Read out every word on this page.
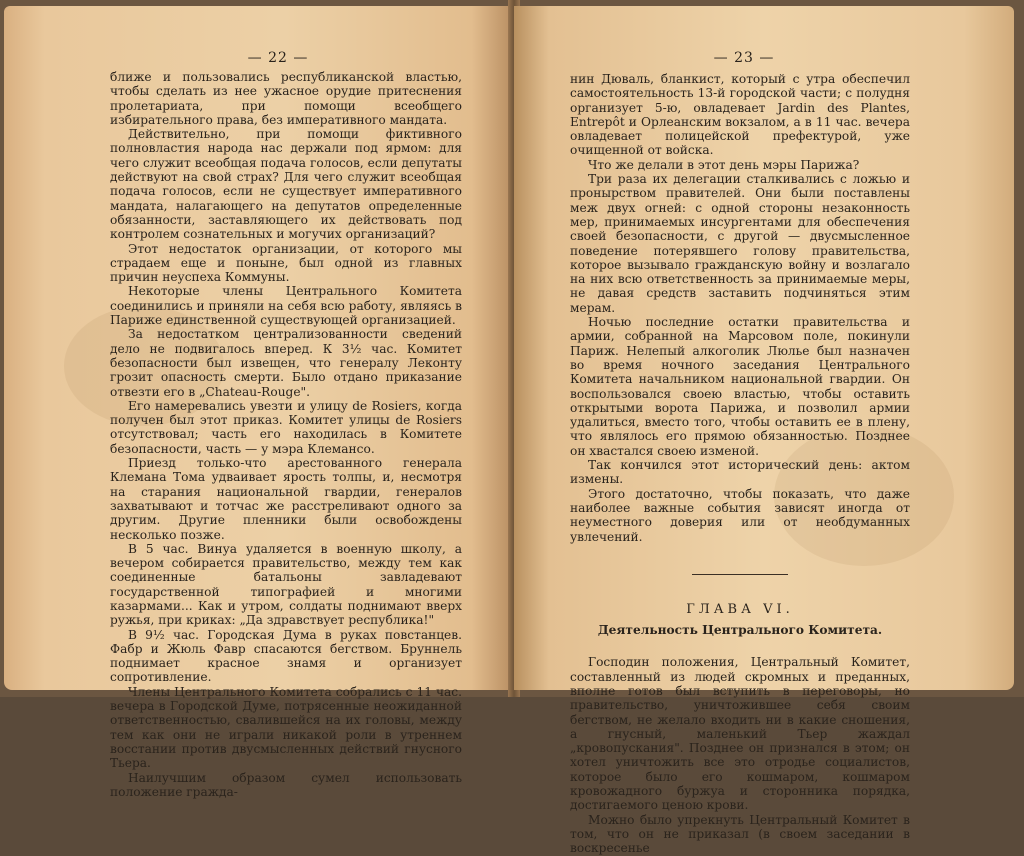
— 22 —

ближе и пользовались республиканской властью, чтобы сделать из нее ужасное орудие притеснения пролетариата, при помощи всеобщего избирательного права, без императивного мандата.

Действительно, при помощи фиктивного полновластия народа нас держали под ярмом: для чего служит всеобщая подача голосов, если депутаты действуют на свой страх? Для чего служит всеобщая подача голосов, если не существует императивного мандата, налагающего на депутатов определенные обязанности, заставляющего их действовать под контролем сознательных и могучих организаций?

Этот недостаток организации, от которого мы страдаем еще и поныне, был одной из главных причин неуспеха Коммуны.

Некоторые члены Центрального Комитета соединились и приняли на себя всю работу, являясь в Париже единственной существующей организацией.

За недостатком централизованности сведений дело не подвигалось вперед. К 3½ час. Комитет безопасности был извещен, что генералу Леконту грозит опасность смерти. Было отдано приказание отвезти его в „Chateau-Rouge".

Его намеревались увезти и улицу de Rosiers, когда получен был этот приказ. Комитет улицы de Rosiers отсутствовал; часть его находилась в Комитете безопасности, часть — у мэра Клемансо.

Приезд только-что арестованного генерала Клемана Тома удваивает ярость толпы, и, несмотря на старания национальной гвардии, генералов захватывают и тотчас же расстреливают одного за другим. Другие пленники были освобождены несколько позже.

В 5 час. Винуа удаляется в военную школу, а вечером собирается правительство, между тем как соединенные батальоны завладевают государственной типографией и многими казармами... Как и утром, солдаты поднимают вверх ружья, при криках: „Да здравствует республика!"

В 9½ час. Городская Дума в руках повстанцев. Фабр и Жюль Фавр спасаются бегством. Бруннель поднимает красное знамя и организует сопротивление.

Члены Центрального Комитета собрались с 11 час. вечера в Городской Думе, потрясенные неожиданной ответственностью, свалившейся на их головы, между тем как они не играли никакой роли в утреннем восстании против двусмысленных действий гнусного Тьера.

Наилучшим образом сумел использовать положение гражда-

— 23 —

нин Дюваль, бланкист, который с утра обеспечил самостоятельность 13-й городской части; с полудня организует 5-ю, овладевает Jardin des Plantes, Entrepôt и Орлеанским вокзалом, а в 11 час. вечера овладевает полицейской префектурой, уже очищенной от войска.

Что же делали в этот день мэры Парижа?

Три раза их делегации сталкивались с ложью и пронырством правителей. Они были поставлены меж двух огней: с одной стороны незаконность мер, принимаемых инсургентами для обеспечения своей безопасности, с другой — двусмысленное поведение потерявшего голову правительства, которое вызывало гражданскую войну и возлагало на них всю ответственность за принимаемые меры, не давая средств заставить подчиняться этим мерам.

Ночью последние остатки правительства и армии, собранной на Марсовом поле, покинули Париж. Нелепый алкоголик Люлье был назначен во время ночного заседания Центрального Комитета начальником национальной гвардии. Он воспользовался своею властью, чтобы оставить открытыми ворота Парижа, и позволил армии удалиться, вместо того, чтобы оставить ее в плену, что являлось его прямою обязанностью. Позднее он хвастался своею изменой.

Так кончился этот исторический день: актом измены.

Этого достаточно, чтобы показать, что даже наиболее важные события зависят иногда от неуместного доверия или от необдуманных увлечений.

ГЛАВА VI.
Деятельность Центрального Комитета.

Господин положения, Центральный Комитет, составленный из людей скромных и преданных, вполне готов был вступить в переговоры, но правительство, уничтожившее себя своим бегством, не желало входить ни в какие сношения, а гнусный, маленький Тьер жаждал „кровопускания". Позднее он признался в этом; он хотел уничтожить все это отродье социалистов, которое было его кошмаром, кошмаром кровожадного буржуа и сторонника порядка, достигаемого ценою крови.

Можно было упрекнуть Центральный Комитет в том, что он не приказал (в своем заседании в воскресенье
